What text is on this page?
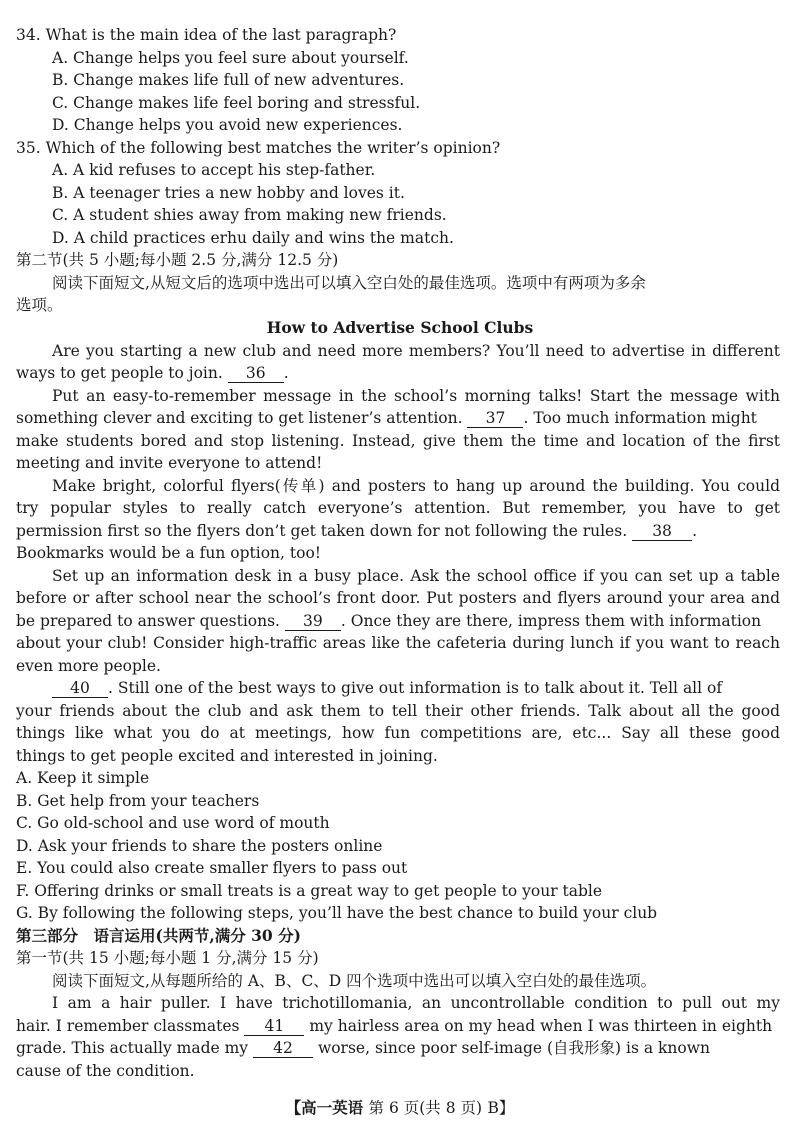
34. What is the main idea of the last paragraph?
A. Change helps you feel sure about yourself.
B. Change makes life full of new adventures.
C. Change makes life feel boring and stressful.
D. Change helps you avoid new experiences.
35. Which of the following best matches the writer’s opinion?
A. A kid refuses to accept his step-father.
B. A teenager tries a new hobby and loves it.
C. A student shies away from making new friends.
D. A child practices erhu daily and wins the match.
第二节(共 5 小题;每小题 2.5 分,满分 12.5 分)
阅读下面短文,从短文后的选项中选出可以填入空白处的最佳选项。选项中有两项为多余
选项。
How to Advertise School Clubs
Are you starting a new club and need more members? You’ll need to advertise in different
ways to get people to join. 36 .
Put an easy-to-remember message in the school’s morning talks! Start the message with
something clever and exciting to get listener’s attention. 37 . Too much information might
make students bored and stop listening. Instead, give them the time and location of the first
meeting and invite everyone to attend!
Make bright, colorful flyers(传单) and posters to hang up around the building. You could
try popular styles to really catch everyone’s attention. But remember, you have to get
permission first so the flyers don’t get taken down for not following the rules. 38 .
Bookmarks would be a fun option, too!
Set up an information desk in a busy place. Ask the school office if you can set up a table
before or after school near the school’s front door. Put posters and flyers around your area and
be prepared to answer questions. 39 . Once they are there, impress them with information
about your club! Consider high-traffic areas like the cafeteria during lunch if you want to reach
even more people.
40 . Still one of the best ways to give out information is to talk about it. Tell all of
your friends about the club and ask them to tell their other friends. Talk about all the good
things like what you do at meetings, how fun competitions are, etc... Say all these good
things to get people excited and interested in joining.
A. Keep it simple
B. Get help from your teachers
C. Go old-school and use word of mouth
D. Ask your friends to share the posters online
E. You could also create smaller flyers to pass out
F. Offering drinks or small treats is a great way to get people to your table
G. By following the following steps, you’ll have the best chance to build your club
第三部分　语言运用(共两节,满分 30 分)
第一节(共 15 小题;每小题 1 分,满分 15 分)
阅读下面短文,从每题所给的 A、B、C、D 四个选项中选出可以填入空白处的最佳选项。
I am a hair puller. I have trichotillomania, an uncontrollable condition to pull out my
hair. I remember classmates 41 my hairless area on my head when I was thirteen in eighth
grade. This actually made my 42 worse, since poor self-image (自我形象) is a known
cause of the condition.
【高一英语 第 6 页(共 8 页) B】
